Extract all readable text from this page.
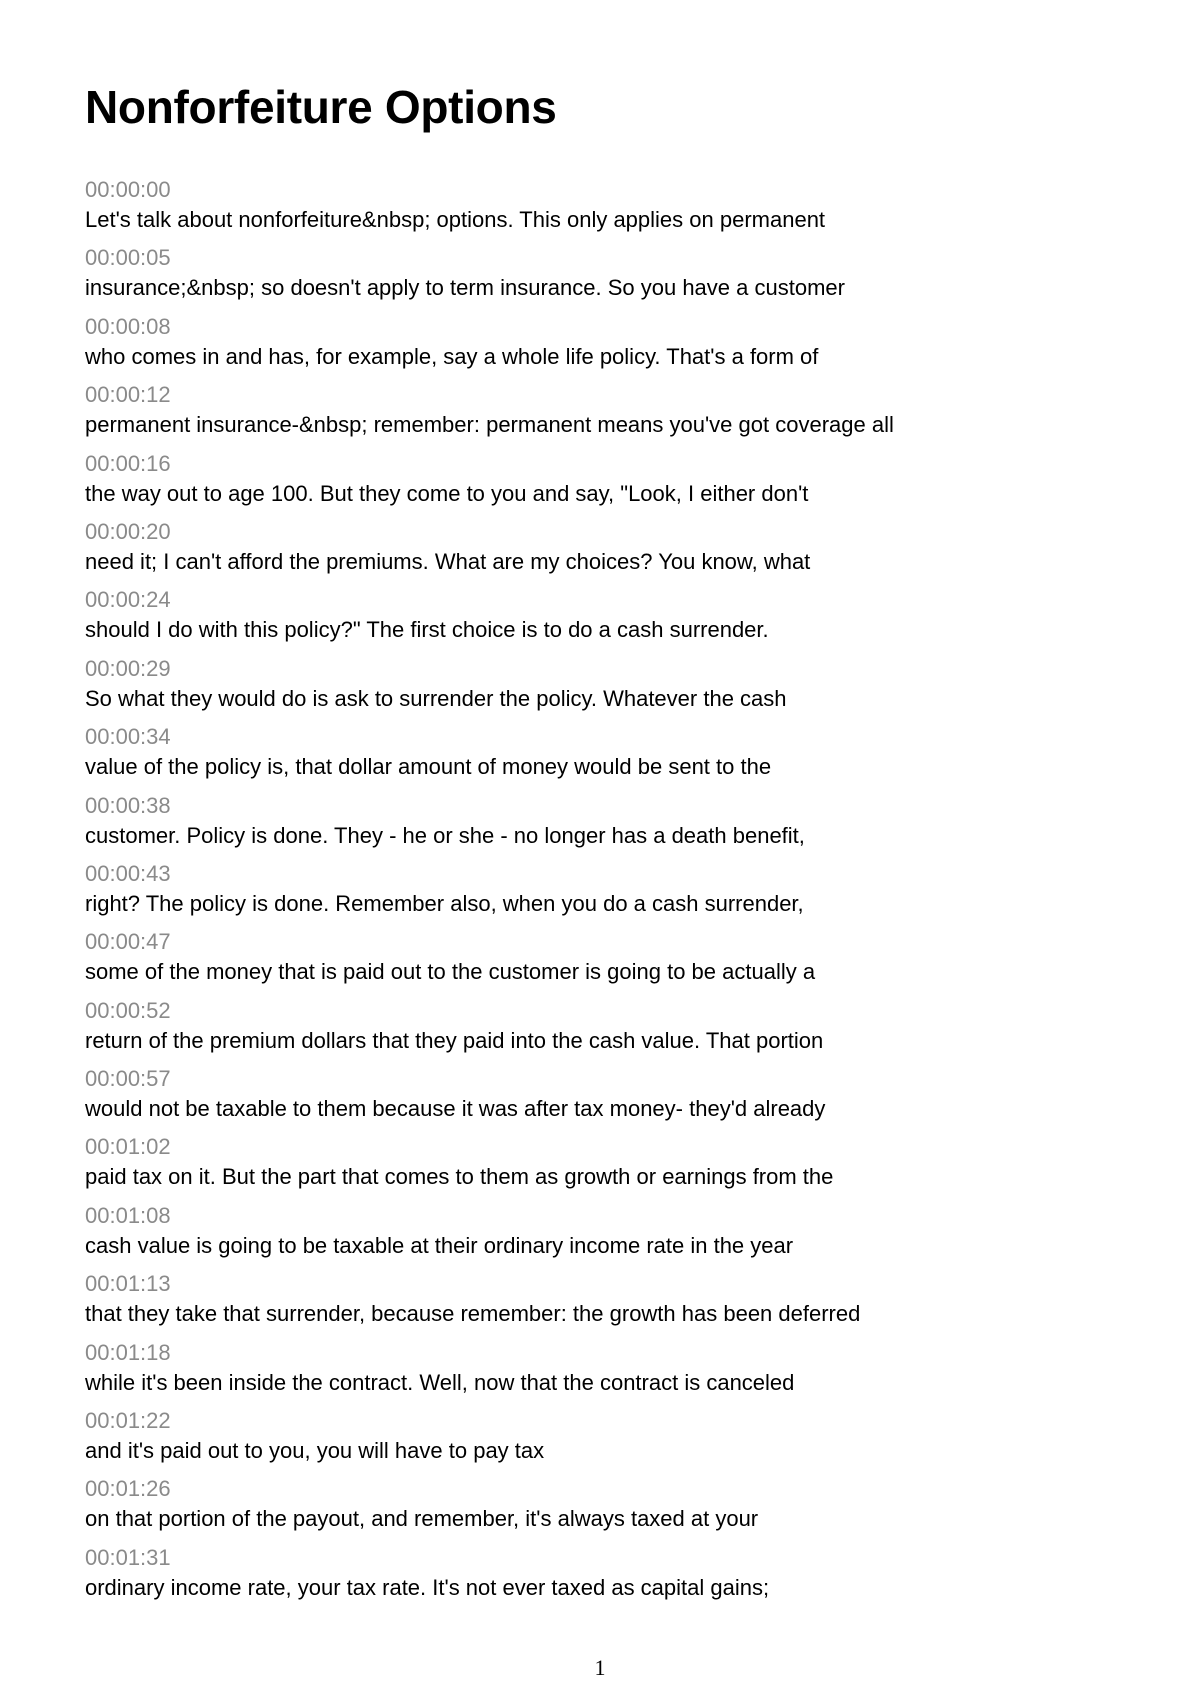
Nonforfeiture Options
00:00:00
Let's talk about nonforfeiture&nbsp; options. This only applies on permanent
00:00:05
insurance;&nbsp; so doesn't apply to term insurance. So you have a customer
00:00:08
who comes in and has, for example, say a whole life policy. That's a form of
00:00:12
permanent insurance-&nbsp; remember: permanent means you've got coverage all
00:00:16
the way out to age 100. But they come to you and say, "Look, I either don't
00:00:20
need it; I can't afford the premiums. What are my choices? You know, what
00:00:24
should I do with this policy?" The first choice is to do a cash surrender.
00:00:29
So what they would do is ask to surrender the policy. Whatever the cash
00:00:34
value of the policy is, that dollar amount of money would be sent to the
00:00:38
customer. Policy is done. They - he or she - no longer has a death benefit,
00:00:43
right? The policy is done. Remember also, when you do a cash surrender,
00:00:47
some of the money that is paid out to the customer is going to be actually a
00:00:52
return of the premium dollars that they paid into the cash value. That portion
00:00:57
would not be taxable to them because it was after tax money- they'd already
00:01:02
paid tax on it. But the part that comes to them as growth or earnings from the
00:01:08
cash value is going to be taxable at their ordinary income rate in the year
00:01:13
that they take that surrender, because remember: the growth has been deferred
00:01:18
while it's been inside the contract. Well, now that the contract is canceled
00:01:22
and it's paid out to you, you will have to pay tax
00:01:26
on that portion of the payout, and remember, it's always taxed at your
00:01:31
ordinary income rate, your tax rate. It's not ever taxed as capital gains;
1
